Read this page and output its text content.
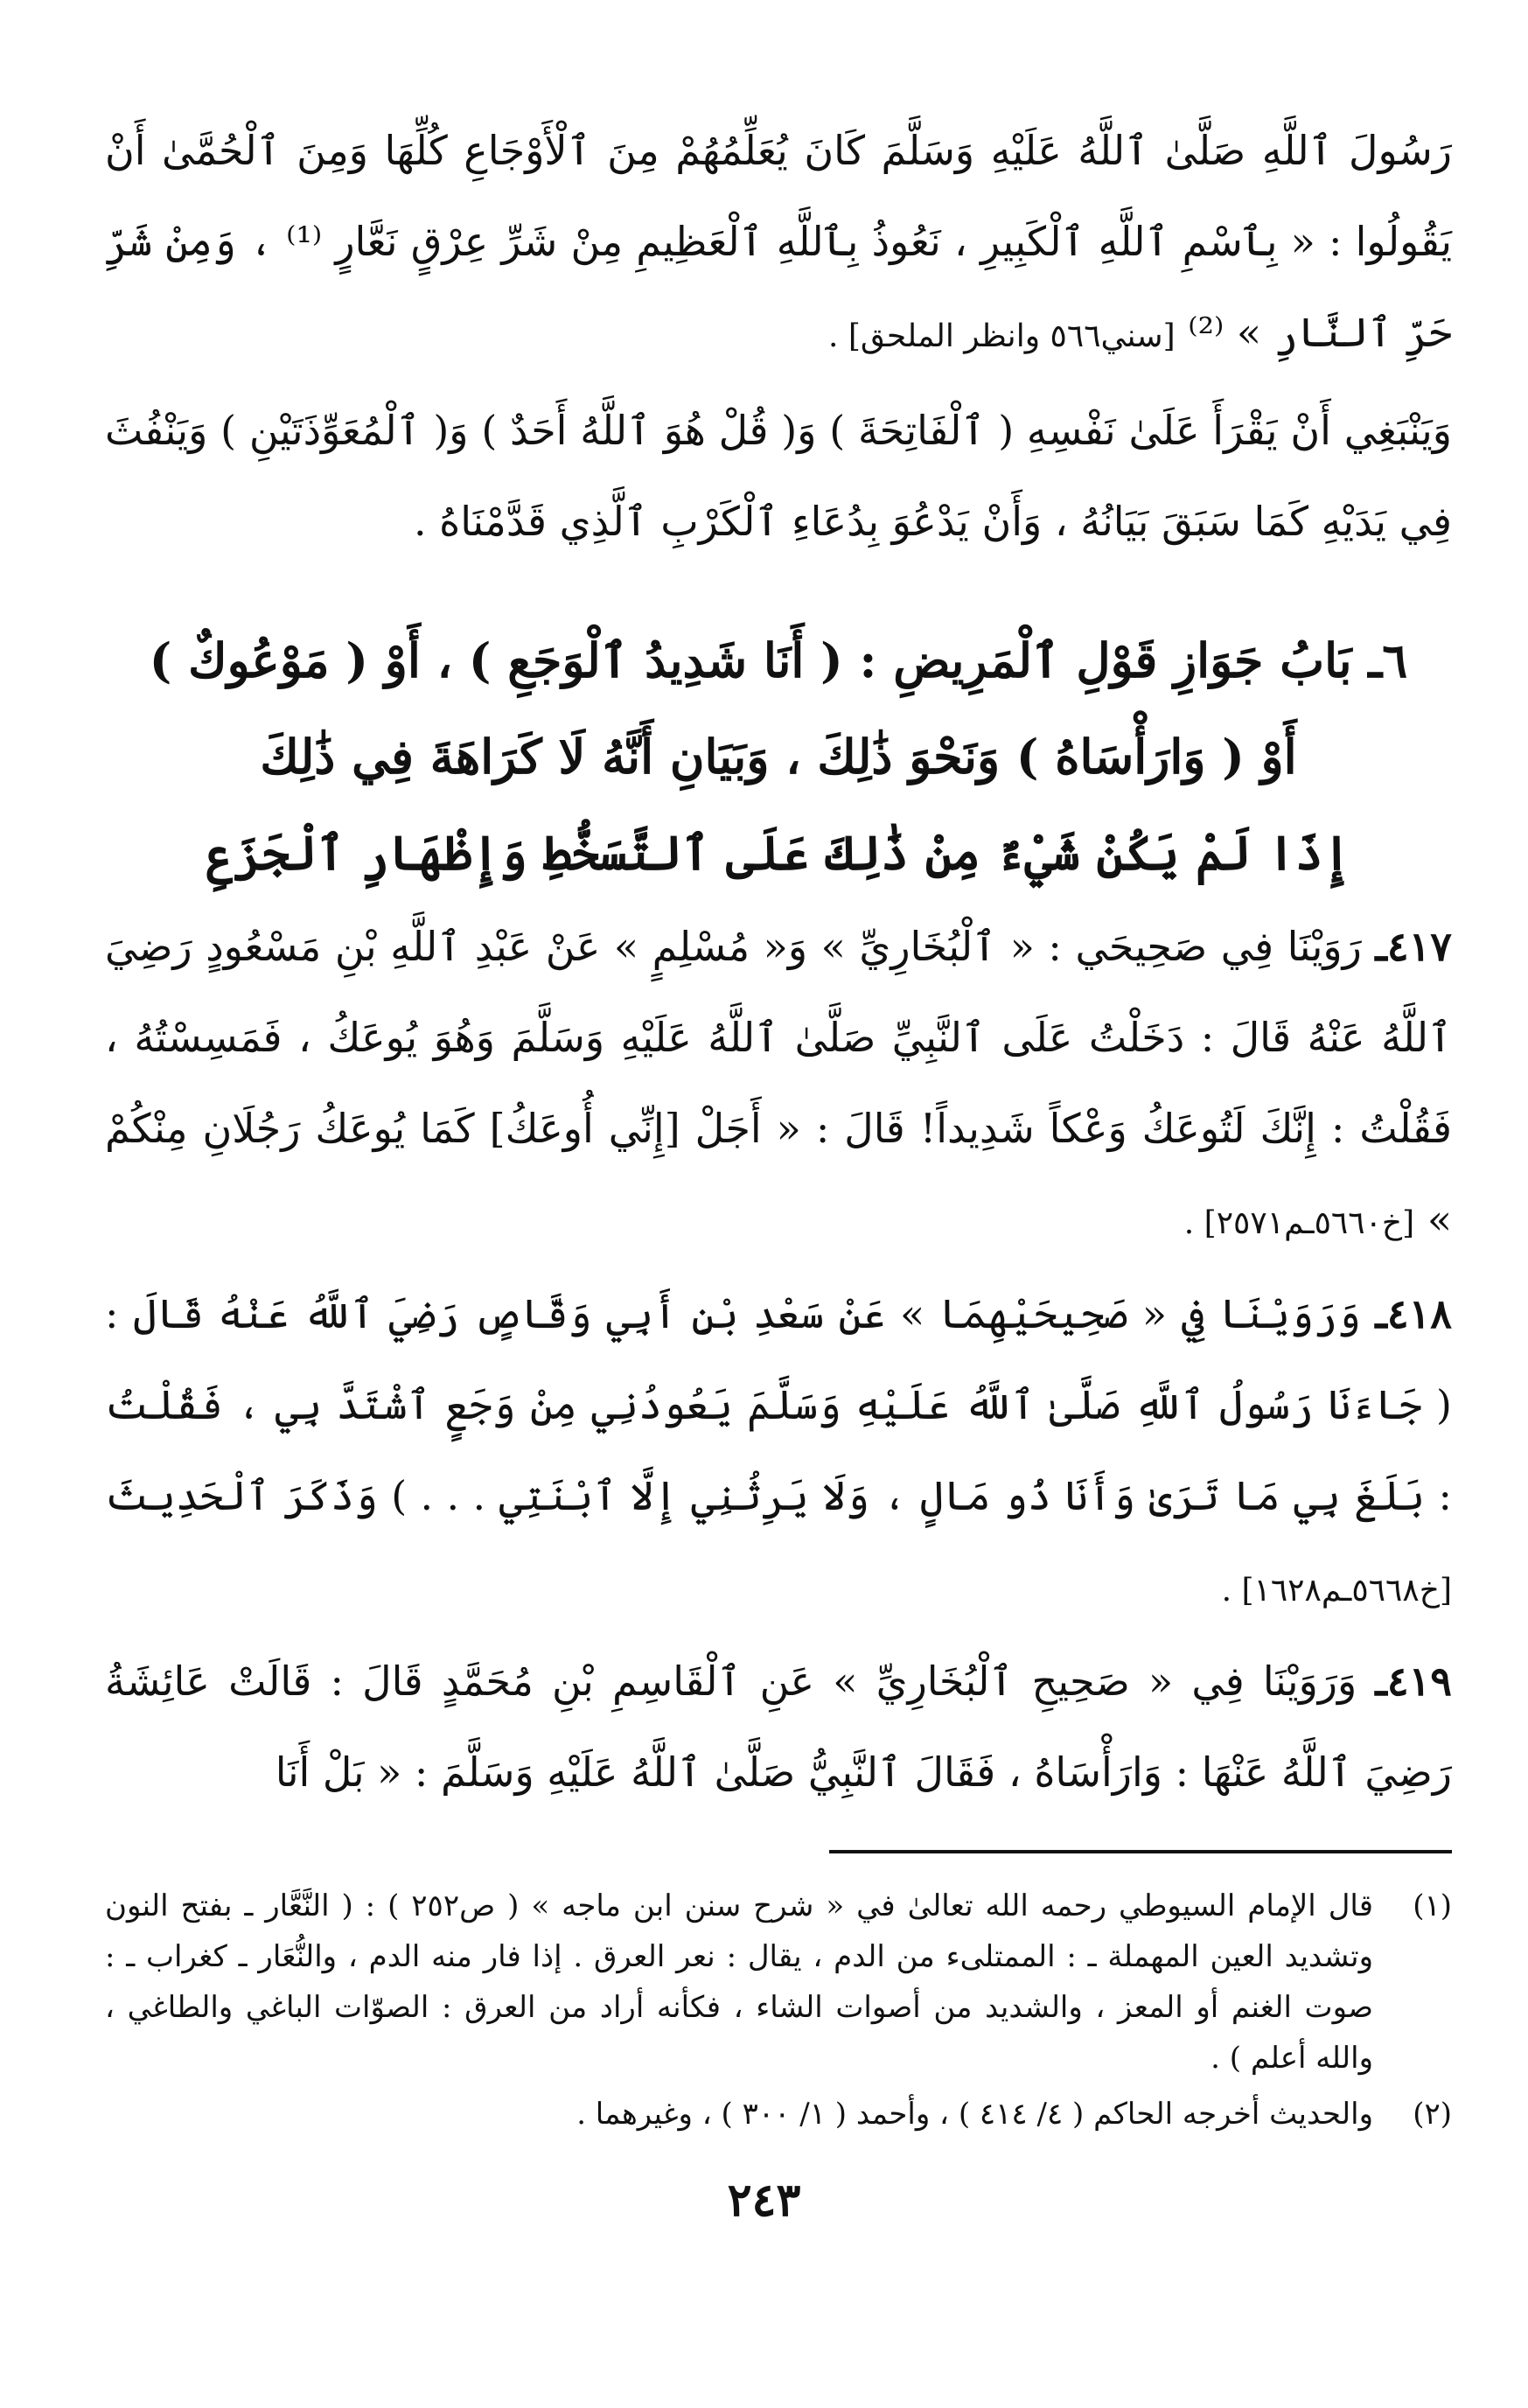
رَسُولَ ٱللَّهِ صَلَّىٰ ٱللَّهُ عَلَيْهِ وَسَلَّمَ كَانَ يُعَلِّمُهُمْ مِنَ ٱلْأَوْجَاعِ كُلِّهَا وَمِنَ ٱلْحُمَّىٰ أَنْ يَقُولُوا : « بِٱسْمِ ٱللَّهِ ٱلْكَبِيرِ ، نَعُوذُ بِٱللَّهِ ٱلْعَظِيمِ مِنْ شَرِّ عِرْقٍ نَعَّارٍ ⁽¹⁾ ، وَمِنْ شَرِّ حَرِّ ٱلنَّارِ » ⁽²⁾ [سني٥٦٦ وانظر الملحق] .

وَيَنْبَغِي أَنْ يَقْرَأَ عَلَىٰ نَفْسِهِ ( ٱلْفَاتِحَةَ ) وَ( قُلْ هُوَ ٱللَّهُ أَحَدٌ ) وَ( ٱلْمُعَوِّذَتَيْنِ ) وَيَنْفُثَ فِي يَدَيْهِ كَمَا سَبَقَ بَيَانُهُ ، وَأَنْ يَدْعُوَ بِدُعَاءِ ٱلْكَرْبِ ٱلَّذِي قَدَّمْنَاهُ .

٦ـ بَابُ جَوَازِ قَوْلِ ٱلْمَرِيضِ : ( أَنَا شَدِيدُ ٱلْوَجَعِ ) ، أَوْ ( مَوْعُوكٌ )
أَوْ ( وَارَأْسَاهُ ) وَنَحْوَ ذَٰلِكَ ، وَبَيَانِ أَنَّهُ لَا كَرَاهَةَ فِي ذَٰلِكَ
إِذَا لَمْ يَكُنْ شَيْءٌ مِنْ ذَٰلِكَ عَلَى ٱلتَّسَخُّطِ وَإِظْهَارِ ٱلْجَزَعِ

٤١٧ـ رَوَيْنَا فِي صَحِيحَي : « ٱلْبُخَارِيِّ » وَ« مُسْلِمٍ » عَنْ عَبْدِ ٱللَّهِ بْنِ مَسْعُودٍ رَضِيَ ٱللَّهُ عَنْهُ قَالَ : دَخَلْتُ عَلَى ٱلنَّبِيِّ صَلَّىٰ ٱللَّهُ عَلَيْهِ وَسَلَّمَ وَهُوَ يُوعَكُ ، فَمَسِسْتُهُ ، فَقُلْتُ : إِنَّكَ لَتُوعَكُ وَعْكاً شَدِيداً! قَالَ : « أَجَلْ [إِنِّي أُوعَكُ] كَمَا يُوعَكُ رَجُلَانِ مِنْكُمْ » [خ٥٦٦٠ـم٢٥٧١] .

٤١٨ـ وَرَوَيْنَا فِي « صَحِيحَيْهِمَا » عَنْ سَعْدِ بْنِ أَبِي وَقَّاصٍ رَضِيَ ٱللَّهُ عَنْهُ قَالَ : ( جَاءَنَا رَسُولُ ٱللَّهِ صَلَّىٰ ٱللَّهُ عَلَيْهِ وَسَلَّمَ يَعُودُنِي مِنْ وَجَعٍ ٱشْتَدَّ بِي ، فَقُلْتُ : بَلَغَ بِي مَا تَرَىٰ وَأَنَا ذُو مَالٍ ، وَلَا يَرِثُنِي إِلَّا ٱبْنَتِي . . . ) وَذَكَرَ ٱلْحَدِيثَ [خ٥٦٦٨ـم١٦٢٨] .

٤١٩ـ وَرَوَيْنَا فِي « صَحِيحِ ٱلْبُخَارِيِّ » عَنِ ٱلْقَاسِمِ بْنِ مُحَمَّدٍ قَالَ : قَالَتْ عَائِشَةُ رَضِيَ ٱللَّهُ عَنْهَا : وَارَأْسَاهُ ، فَقَالَ ٱلنَّبِيُّ صَلَّىٰ ٱللَّهُ عَلَيْهِ وَسَلَّمَ : « بَلْ أَنَا

(١)
قال الإمام السيوطي رحمه الله تعالىٰ في « شرح سنن ابن ماجه » ( ص٢٥٢ ) : ( النَّعَّار ـ بفتح النون وتشديد العين المهملة ـ : الممتلىء من الدم ، يقال : نعر العرق . إذا فار منه الدم ، والنُّعَار ـ كغراب ـ : صوت الغنم أو المعز ، والشديد من أصوات الشاء ، فكأنه أراد من العرق : الصوّات الباغي والطاغي ، والله أعلم ) .
(٢)
والحديث أخرجه الحاكم ( ٤/ ٤١٤ ) ، وأحمد ( ١/ ٣٠٠ ) ، وغيرهما .
٢٤٣
